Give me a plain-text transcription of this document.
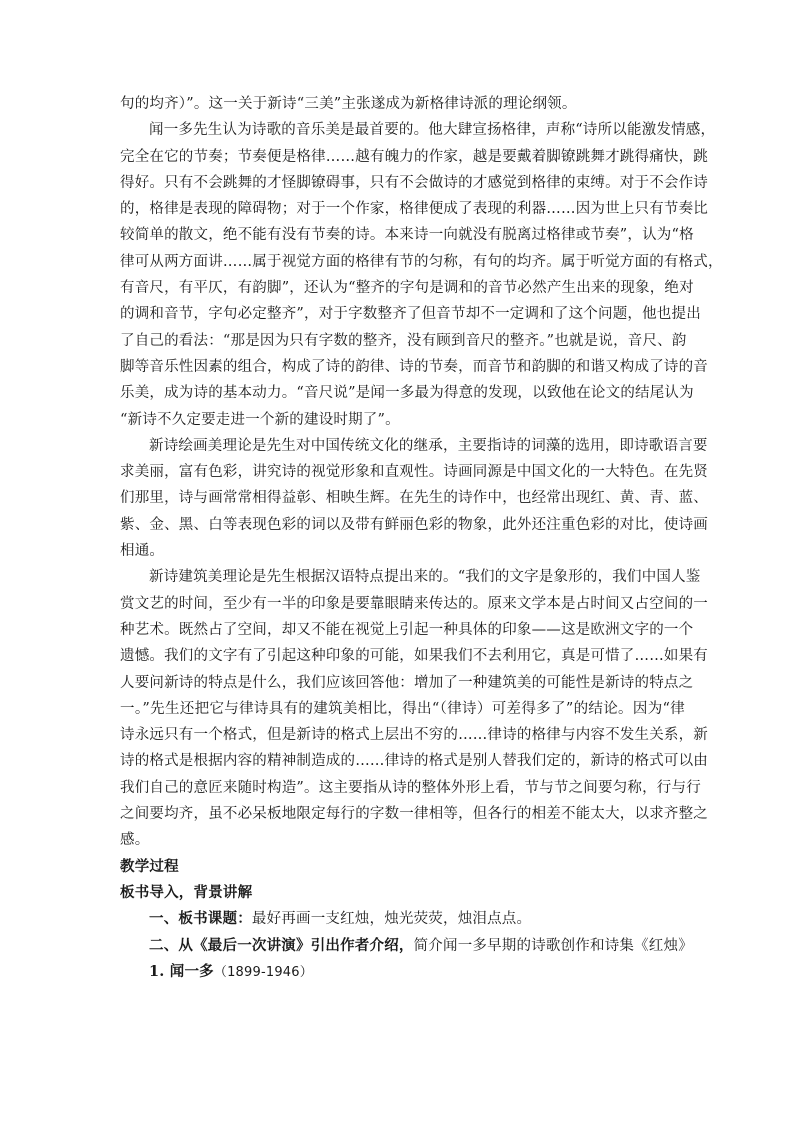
句的均齐）”。这一关于新诗“三美”主张遂成为新格律诗派的理论纲领。
闻一多先生认为诗歌的音乐美是最首要的。他大肆宣扬格律，声称“诗所以能激发情感，
完全在它的节奏；节奏便是格律……越有魄力的作家，越是要戴着脚镣跳舞才跳得痛快，跳
得好。只有不会跳舞的才怪脚镣碍事，只有不会做诗的才感觉到格律的束缚。对于不会作诗
的，格律是表现的障碍物；对于一个作家，格律便成了表现的利器……因为世上只有节奏比
较简单的散文，绝不能有没有节奏的诗。本来诗一向就没有脱离过格律或节奏”，认为“格
律可从两方面讲……属于视觉方面的格律有节的匀称，有句的均齐。属于听觉方面的有格式，
有音尺，有平仄，有韵脚”，还认为“整齐的字句是调和的音节必然产生出来的现象，绝对
的调和音节，字句必定整齐”，对于字数整齐了但音节却不一定调和了这个问题，他也提出
了自己的看法：“那是因为只有字数的整齐，没有顾到音尺的整齐。”也就是说，音尺、韵
脚等音乐性因素的组合，构成了诗的韵律、诗的节奏，而音节和韵脚的和谐又构成了诗的音
乐美，成为诗的基本动力。“音尺说”是闻一多最为得意的发现，以致他在论文的结尾认为
“新诗不久定要走进一个新的建设时期了”。
新诗绘画美理论是先生对中国传统文化的继承，主要指诗的词藻的选用，即诗歌语言要
求美丽，富有色彩，讲究诗的视觉形象和直观性。诗画同源是中国文化的一大特色。在先贤
们那里，诗与画常常相得益彰、相映生辉。在先生的诗作中，也经常出现红、黄、青、蓝、
紫、金、黑、白等表现色彩的词以及带有鲜丽色彩的物象，此外还注重色彩的对比，使诗画
相通。
新诗建筑美理论是先生根据汉语特点提出来的。“我们的文字是象形的，我们中国人鉴
赏文艺的时间，至少有一半的印象是要靠眼睛来传达的。原来文学本是占时间又占空间的一
种艺术。既然占了空间，却又不能在视觉上引起一种具体的印象——这是欧洲文字的一个
遗憾。我们的文字有了引起这种印象的可能，如果我们不去利用它，真是可惜了……如果有
人要问新诗的特点是什么，我们应该回答他：增加了一种建筑美的可能性是新诗的特点之
一。”先生还把它与律诗具有的建筑美相比，得出“（律诗）可差得多了”的结论。因为“律
诗永远只有一个格式，但是新诗的格式上层出不穷的……律诗的格律与内容不发生关系，新
诗的格式是根据内容的精神制造成的……律诗的格式是别人替我们定的，新诗的格式可以由
我们自己的意匠来随时构造”。这主要指从诗的整体外形上看，节与节之间要匀称，行与行
之间要均齐，虽不必呆板地限定每行的字数一律相等，但各行的相差不能太大，以求齐整之
感。
教学过程
板书导入，背景讲解
一、板书课题：最好再画一支红烛，烛光荧荧，烛泪点点。
二、从《最后一次讲演》引出作者介绍，简介闻一多早期的诗歌创作和诗集《红烛》
1. 闻一多（1899-1946）
